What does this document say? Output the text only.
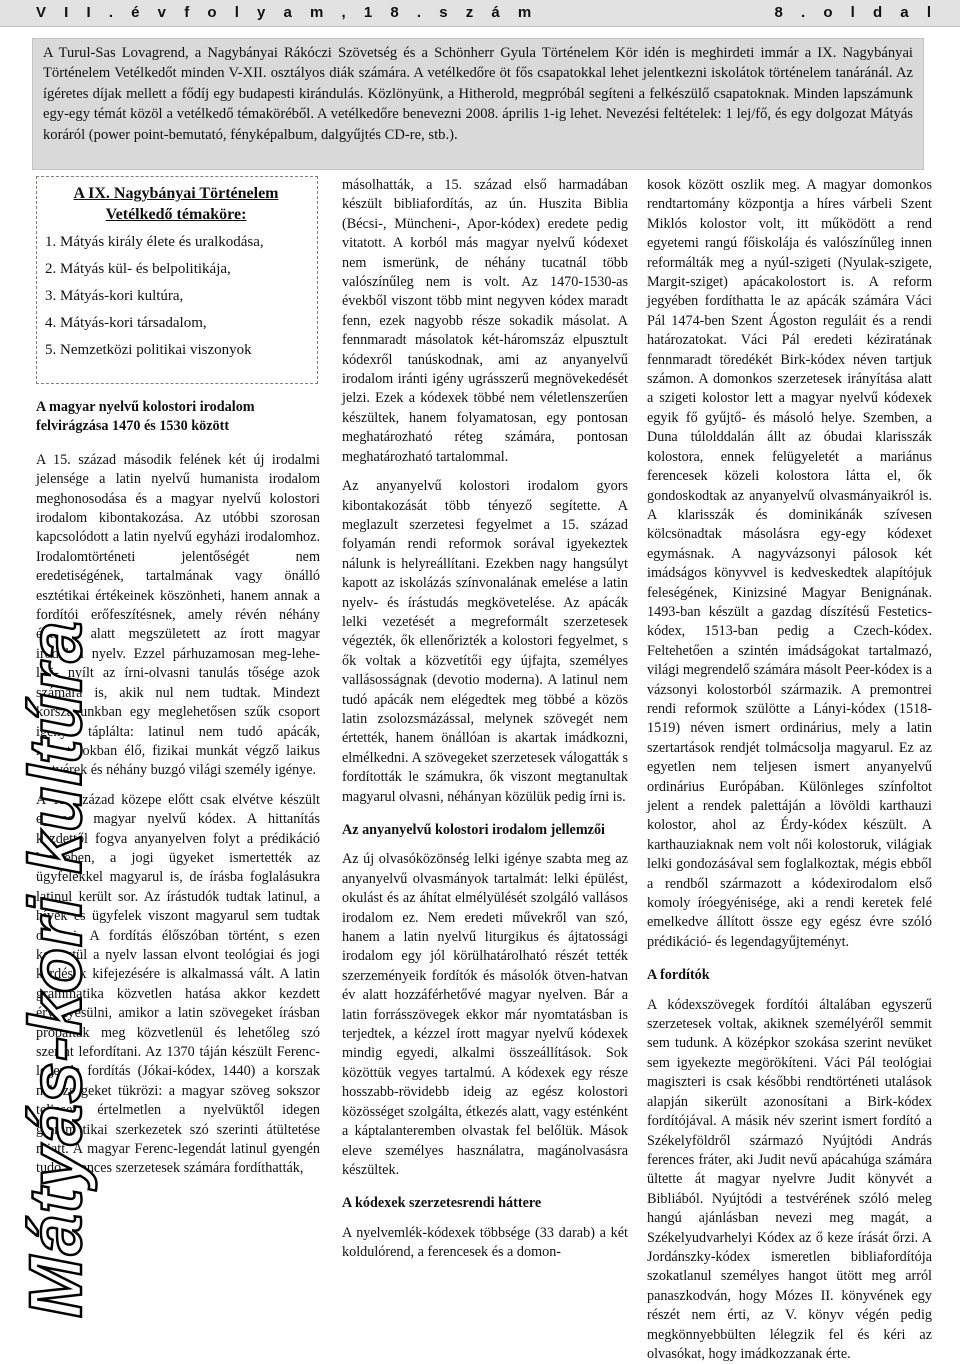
V I I . é v f o l y a m , 1 8 . s z á m	8 . o l d a l

A Turul-Sas Lovagrend, a Nagybányai Rákóczi Szövetség és a Schönherr Gyula Történelem Kör idén is meghirdeti immár a IX. Nagybányai Történelem Vetélkedőt minden V-XII. osztályos diák számára. A vetélkedőre öt fős csapatokkal lehet jelentkezni iskolátok történelem tanáránál. Az ígéretes díjak mellett a fődíj egy budapesti kirándulás. Közlönyünk, a Hitherold, megpróbál segíteni a felkészülő csapatoknak. Minden lapszámunk egy-egy témát közöl a vetélkedő témaköréből. A vetélkedőre benevezni 2008. április 1-ig lehet. Nevezési feltételek: 1 lej/fő, és egy dolgozat Mátyás koráról (power point-bemutató, fényképalbum, dalgyűjtés CD-re, stb.).

A IX. Nagybányai Történelem Vetélkedő témaköre:

1. Mátyás király élete és uralkodása,

2. Mátyás kül- és belpolitikája,

3. Mátyás-kori kultúra,

4. Mátyás-kori társadalom,

5. Nemzetközi politikai viszonyok

A magyar nyelvű kolostori irodalom felvirágzása 1470 és 1530 között

A 15. század második felének két új irodalmi jelensége a latin nyelvű humanista irodalom meghonosodása és a magyar nyelvű kolostori irodalom kibontakozása. Az utóbbi szorosan kapcsolódott a latin nyelvű egyházi irodalomhoz. Irodalomtörténeti jelentőségét nem eredetiségének, tartalmának vagy önálló esztétikai értékeinek köszönheti, hanem annak a fordítói erőfeszítésnek, amely révén néhány évtized alatt megszületett az írott magyar irodalmi nyelv. Ezzel párhuzamosan meg-lehe-lati- nyílt az írni-olvasni tanulás tősége azok számára is, akik nul nem tudtak. Mindezt korszakunkban egy meglehetősen szűk csoport igénye táplálta: latinul nem tudó apácák, kolostorokban élő, fizikai munkát végző laikus testvérek és néhány buzgó világi személy igénye.

A 15. század közepe előtt csak elvétve készült egy-egy magyar nyelvű kódex. A hittanítás kezdettől fogva anyanyelven folyt a prédikáció keretében, a jogi ügyeket ismertették az ügyfelekkel magyarul is, de írásba foglalásukra latinul került sor. Az írástudók tudtak latinul, a hívek és ügyfelek viszont magyarul sem tudtak olvasni. A fordítás élőszóban történt, s ezen keresztül a nyelv lassan elvont teológiai és jogi kérdések kifejezésére is alkalmassá vált. A latin grammatika közvetlen hatása akkor kezdett érvényesülni, amikor a latin szövegeket írásban próbálták meg közvetlenül és lehetőleg szó szerint lefordítani. Az 1370 táján készült Ferenc-legenda fordítás (Jókai-kódex, 1440) a korszak nehézségeket tükrözi: a magyar szöveg sokszor teljesen értelmetlen a nyelvüktől idegen grammatikai szerkezetek szó szerinti átültetése miatt. A magyar Ferenc-legendát latinul gyengén tudó ferences szerzetesek számára fordíthatták,

Mátyás-kori kultúra

másolhatták, a 15. század első harmadában készült bibliafordítás, az ún. Huszita Biblia (Bécsi-, Müncheni-, Apor-kódex) eredete pedig vitatott. A korból más magyar nyelvű kódexet nem ismerünk, de néhány tucatnál több valószínűleg nem is volt. Az 1470-1530-as évekből viszont több mint negyven kódex maradt fenn, ezek nagyobb része sokadik másolat. A fennmaradt másolatok két-háromszáz elpusztult kódexről tanúskodnak, ami az anyanyelvű irodalom iránti igény ugrásszerű megnövekedését jelzi. Ezek a kódexek többé nem véletlenszerűen készültek, hanem folyamatosan, egy pontosan meghatározható réteg számára, pontosan meghatározható tartalommal.

Az anyanyelvű kolostori irodalom gyors kibontakozását több tényező segítette. A meglazult szerzetesi fegyelmet a 15. század folyamán rendi reformok sorával igyekeztek nálunk is helyreállítani. Ezekben nagy hangsúlyt kapott az iskolázás színvonalának emelése a latin nyelv- és írástudás megkövetelése. Az apácák lelki vezetését a megreformált szerzetesek végezték, ők ellenőrizték a kolostori fegyelmet, s ők voltak a közvetítői egy újfajta, személyes vallásosságnak (devotio moderna). A latinul nem tudó apácák nem elégedtek meg többé a közös latin zsolozsmázással, melynek szövegét nem értették, hanem önállóan is akartak imádkozni, elmélkedni. A szövegeket szerzetesek válogatták s fordították le számukra, ők viszont megtanultak magyarul olvasni, néhányan közülük pedig írni is.

Az anyanyelvű kolostori irodalom jellemzői

Az új olvasóközönség lelki igénye szabta meg az anyanyelvű olvasmányok tartalmát: lelki épülést, okulást és az áhítat elmélyülését szolgáló vallásos irodalom ez. Nem eredeti művekről van szó, hanem a latin nyelvű liturgikus és ájtatossági irodalom egy jól körülhatárolható részét tették szerzeményeik fordítók és másolók ötven-hatvan év alatt hozzáférhetővé magyar nyelven. Bár a latin forrásszövegek ekkor már nyomtatásban is terjedtek, a kézzel írott magyar nyelvű kódexek mindig egyedi, alkalmi összeállítások. Sok közöttük vegyes tartalmú. A kódexek egy része hosszabb-rövidebb ideig az egész kolostori közösséget szolgálta, étkezés alatt, vagy esténként a káptalanteremben olvastak fel belőlük. Mások eleve személyes használatra, magánolvasásra készültek.

A kódexek szerzetesrendi háttere

A nyelvemlék-kódexek többsége (33 darab) a két koldulórend, a ferencesek és a domon-

kosok között oszlik meg. A magyar domonkos rendtartomány központja a híres várbeli Szent Miklós kolostor volt, itt működött a rend egyetemi rangú főiskolája és valószínűleg innen reformálták meg a nyúl-szigeti (Nyulak-szigete, Margit-sziget) apácakolostort is. A reform jegyében fordíthatta le az apácák számára Váci Pál 1474-ben Szent Ágoston reguláit és a rendi határozatokat. Váci Pál eredeti kéziratának fennmaradt töredékét Birk-kódex néven tartjuk számon. A domonkos szerzetesek irányítása alatt a szigeti kolostor lett a magyar nyelvű kódexek egyik fő gyűjtő- és másoló helye. Szemben, a Duna túlolddalán állt az óbudai klarisszák kolostora, ennek felügyeletét a mariánus ferencesek közeli kolostora látta el, ők gondoskodtak az anyanyelvű olvasmányaikról is. A klarisszák és dominikánák szívesen kölcsönadtak másolásra egy-egy kódexet egymásnak. A nagyvázsonyi pálosok két imádságos könyvvel is kedveskedtek alapítójuk feleségének, Kinizsiné Magyar Benignának. 1493-ban készült a gazdag díszítésű Festetics-kódex, 1513-ban pedig a Czech-kódex. Feltehetően a szintén imádságokat tartalmazó, világi megrendelő számára másolt Peer-kódex is a vázsonyi kolostorból származik. A premontrei rendi reformok szülötte a Lányi-kódex (1518-1519) néven ismert ordinárius, mely a latin szertartások rendjét tolmácsolja magyarul. Ez az egyetlen nem teljesen ismert anyanyelvű ordinárius Európában. Különleges színfoltot jelent a rendek palettáján a lövöldi karthauzi kolostor, ahol az Érdy-kódex készült. A karthauziaknak nem volt női kolostoruk, világiak lelki gondozásával sem foglalkoztak, mégis ebből a rendből származott a kódexirodalom első komoly íróegyénisége, aki a rendi keretek felé emelkedve állított össze egy egész évre szóló prédikáció- és legendagyűjteményt.

A fordítók

A kódexszövegek fordítói általában egyszerű szerzetesek voltak, akiknek személyéről semmit sem tudunk. A középkor szokása szerint nevüket sem igyekezte megörökíteni. Váci Pál teológiai magiszteri is csak későbbi rendtörténeti utalások alapján sikerült azonosítani a Birk-kódex fordítójával. A másik név szerint ismert fordító a Székelyföldről származó Nyújtódi András ferences fráter, aki Judit nevű apácahúga számára ültette át magyar nyelvre Judit könyvét a Bibliából. Nyújtódi a testvérének szóló meleg hangú ajánlásban nevezi meg magát, a Székelyudvarhelyi Kódex az ő keze írását őrzi. A Jordánszky-kódex ismeretlen bibliafordítója szokatlanul személyes hangot ütött meg arról panaszkodván, hogy Mózes II. könyvének egy részét nem érti, az V. könyv végén pedig megkönnyebbülten lélegzik fel és kéri az olvasókat, hogy imádkozzanak érte.
